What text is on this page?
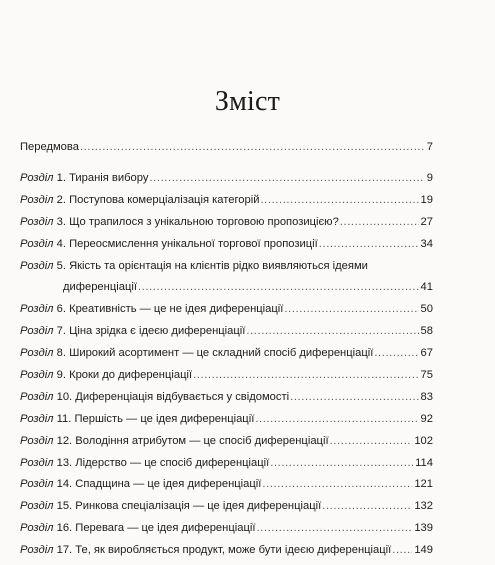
Зміст
Передмова .....	7
Розділ 1. Тиранія вибору .....	9
Розділ 2. Поступова комерціалізація категорій .....	19
Розділ 3. Що трапилося з унікальною торговою пропозицією? .....	27
Розділ 4. Переосмислення унікальної торгової пропозиції .....	34
Розділ 5. Якість та орієнтація на клієнтів рідко виявляються ідеями
диференціації .....	41
Розділ 6. Креативність — це не ідея диференціації .....	50
Розділ 7. Ціна зрідка є ідеєю диференціації .....	58
Розділ 8. Широкий асортимент — це складний спосіб диференціації .....	67
Розділ 9. Кроки до диференціації .....	75
Розділ 10. Диференціація відбувається у свідомості .....	83
Розділ 11. Першість — це ідея диференціації .....	92
Розділ 12. Володіння атрибутом — це спосіб диференціації .....	102
Розділ 13. Лідерство — це спосіб диференціації .....	114
Розділ 14. Спадщина — це ідея диференціації .....	121
Розділ 15. Ринкова спеціалізація — це ідея диференціації .....	132
Розділ 16. Перевага — це ідея диференціації .....	139
Розділ 17. Те, як виробляється продукт, може бути ідеєю диференціації ..... 149
